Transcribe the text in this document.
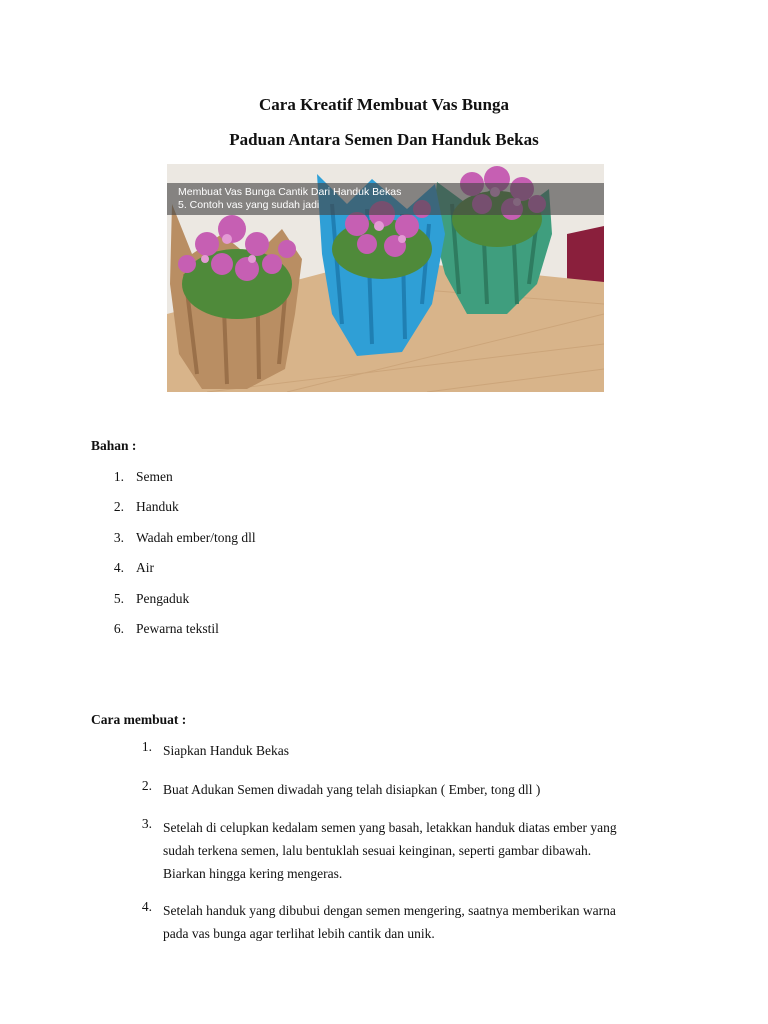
Cara Kreatif Membuat Vas Bunga
Paduan Antara Semen Dan Handuk Bekas
Membuat Vas Bunga Cantik Dari Handuk Bekas
5. Contoh vas yang sudah jadi

Bahan :

1. Semen
2. Handuk
3. Wadah ember/tong dll
4. Air
5. Pengaduk
6. Pewarna tekstil

Cara membuat :

1. Siapkan Handuk Bekas
2. Buat Adukan Semen diwadah yang telah disiapkan ( Ember, tong dll )
3. Setelah di celupkan kedalam semen yang basah, letakkan handuk diatas ember yang
sudah terkena semen, lalu bentuklah sesuai keinginan, seperti gambar dibawah.
Biarkan hingga kering mengeras.
4. Setelah handuk yang dibubui dengan semen mengering, saatnya memberikan warna
pada vas bunga agar terlihat lebih cantik dan unik.
